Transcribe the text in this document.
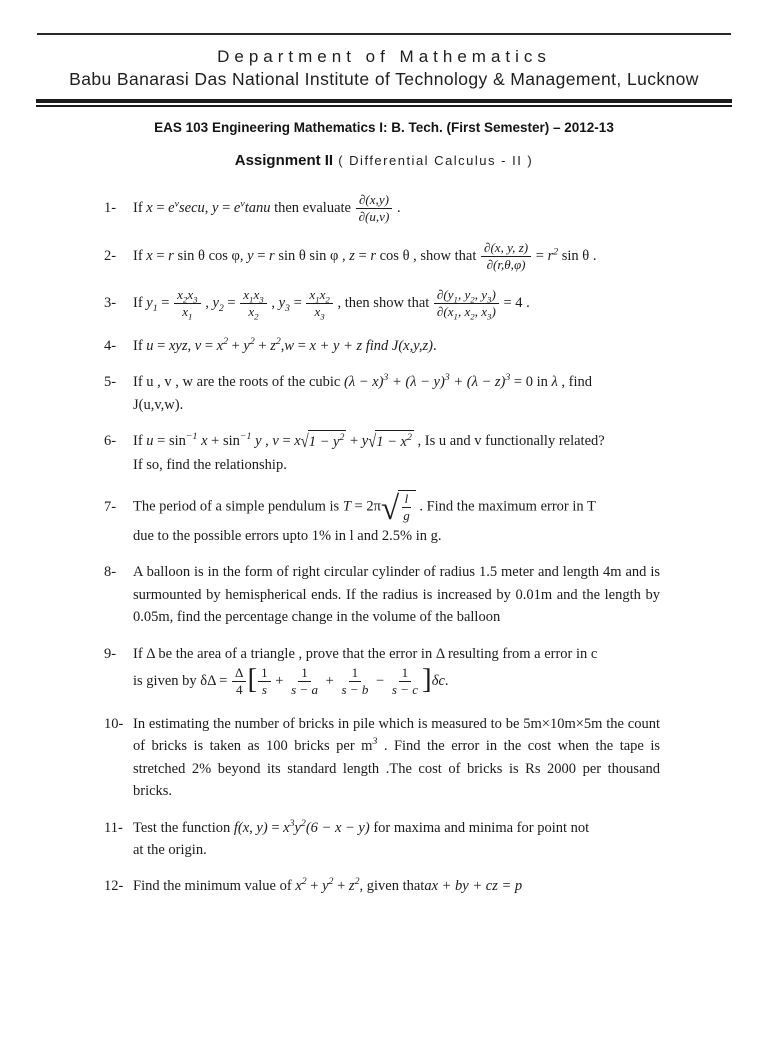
Department of Mathematics
Babu Banarasi Das National Institute of Technology & Management, Lucknow
EAS 103 Engineering Mathematics I: B. Tech. (First Semester) – 2012-13
Assignment II ( Differential Calculus - II )
1- If $x = e^v\sec u$, $y = e^v\tan u$ then evaluate $\frac{\partial(x,y)}{\partial(u,v)}$ .
2- If x = r sin θ cos φ, y = r sin θ sin φ , z = r cos θ , show that $\frac{\partial(x, y, z)}{\partial(r,\theta,\varphi)} = r^2$ sin θ .
3- If $y_1 = \frac{x_2x_3}{x_1}$ , $y_2 = \frac{x_1x_3}{x_2}$ , $y_3 = \frac{x_1x_2}{x_3}$ , then show that $\frac{\partial(y_1, y_2, y_3)}{\partial(x_1, x_2, x_3)} = 4$ .
4- If u = xyz, $v = x^2 + y^2 + z^2,w = x + y + z$ find J(x,y,z).
5- If u , v , w are the roots of the cubic $(\lambda - x)^3 + (\lambda - y)^3 + (\lambda - z)^3 = 0$ in λ , find
J(u,v,w).
6- If $u = \sin^{-1} x + \sin^{-1} y$ , v = x √ $1 - y^2 + y$ √ $1 - x^2$ , Is u and v functionally related?
If so, find the relationship.
7- The period of a simple pendulum is T = 2π √ $\frac{l}{g}$ . Find the maximum error in T
due to the possible errors upto 1% in l and 2.5% in g.
8- A balloon is in the form of right circular cylinder of radius 1.5 meter and length 4m and is surmounted by hemispherical ends. If the radius is increased by 0.01m and the length by 0.05m, find the percentage change in the volume of the balloon
9- If Δ be the area of a triangle , prove that the error in Δ resulting from a error in c
is given by $\delta\Delta = \frac{\Delta}{4}$ [ $\frac{1}{s} + \frac{1}{s - a} + \frac{1}{s - b} - \frac{1}{s - c} ]\delta c$.
10- In estimating the number of bricks in pile which is measured to be 5m×10m×5m the count of bricks is taken as 100 bricks per $m^3$ . Find the error in the cost when the tape is stretched 2% beyond its standard length .The cost of bricks is Rs 2000 per thousand bricks.
11- Test the function f(x, $y) = x^3y^2(6 - x - y)$ for maxima and minima for point not
at the origin.
12- Find the minimum value of $x^2 + y^2 + z^2$, given thatax + by + cz = p
